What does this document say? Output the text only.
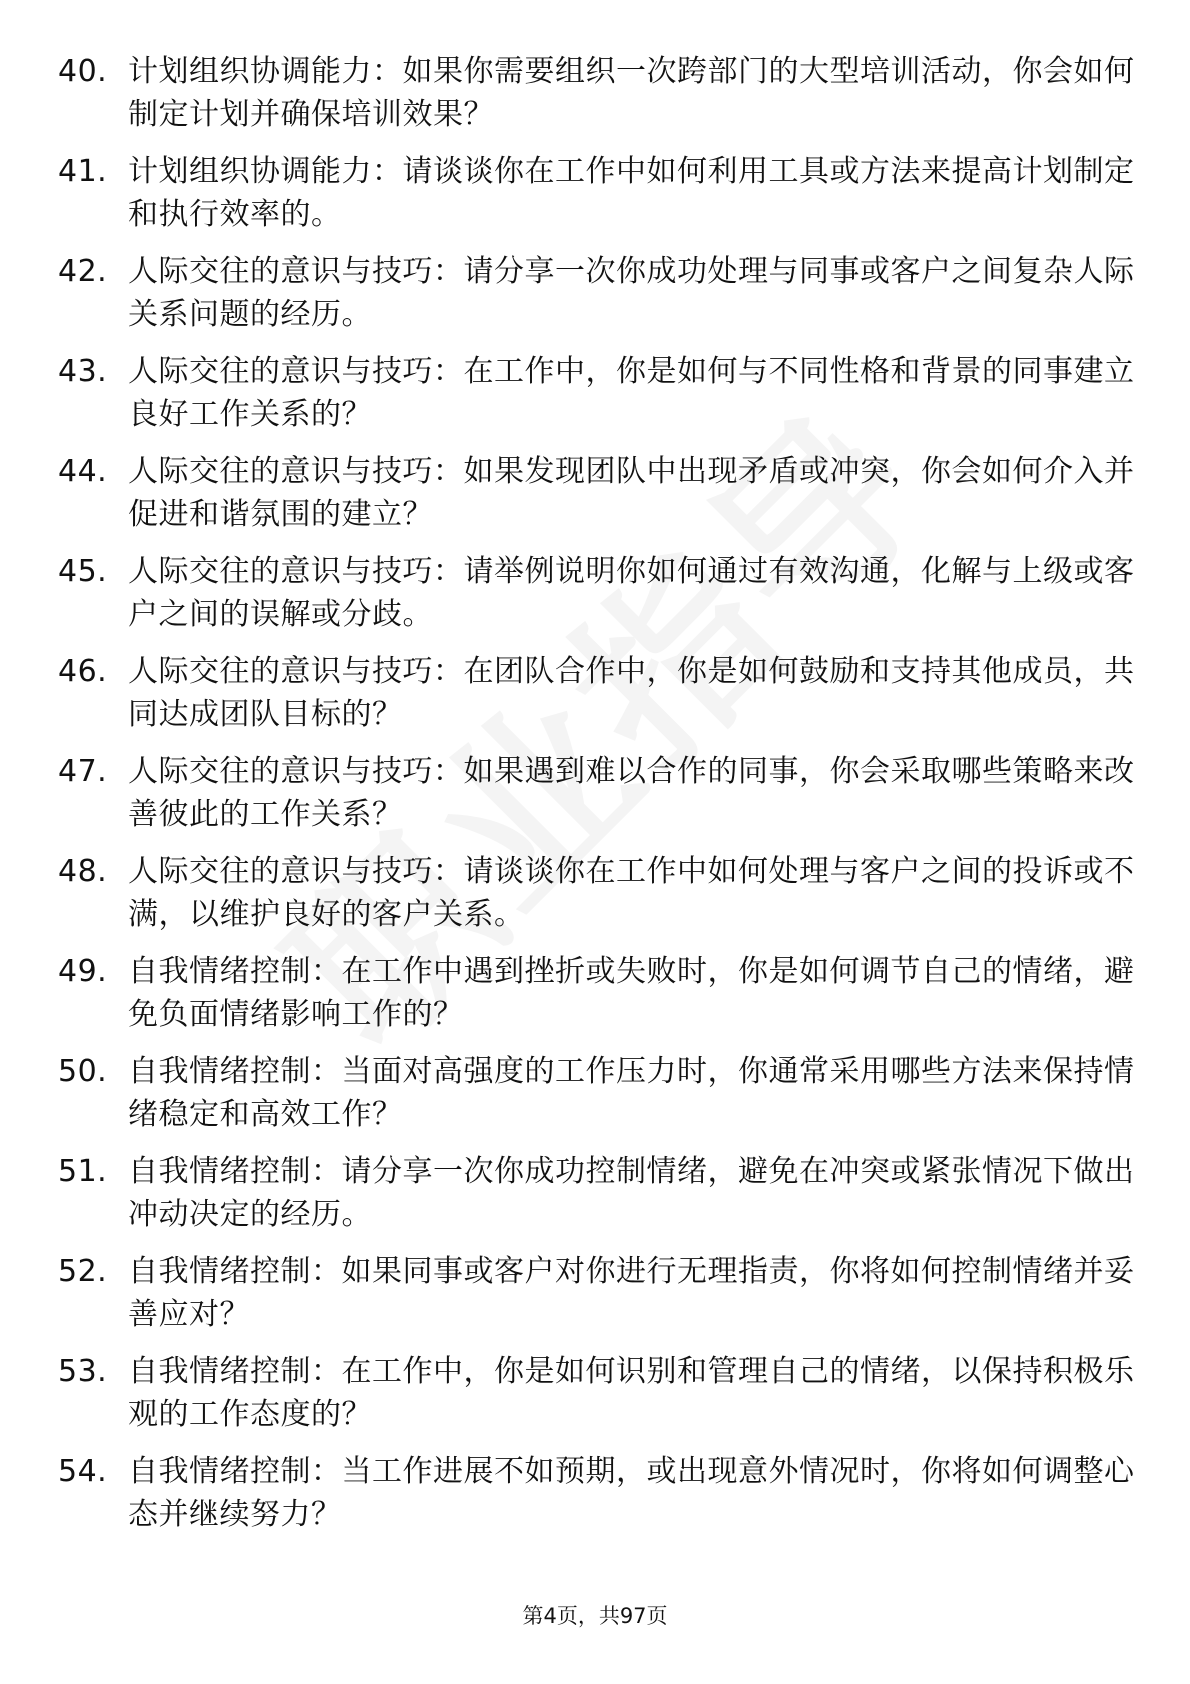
40. 计划组织协调能力：如果你需要组织一次跨部门的大型培训活动，你会如何制定计划并确保培训效果？
41. 计划组织协调能力：请谈谈你在工作中如何利用工具或方法来提高计划制定和执行效率的。
42. 人际交往的意识与技巧：请分享一次你成功处理与同事或客户之间复杂人际关系问题的经历。
43. 人际交往的意识与技巧：在工作中，你是如何与不同性格和背景的同事建立良好工作关系的？
44. 人际交往的意识与技巧：如果发现团队中出现矛盾或冲突，你会如何介入并促进和谐氛围的建立？
45. 人际交往的意识与技巧：请举例说明你如何通过有效沟通，化解与上级或客户之间的误解或分歧。
46. 人际交往的意识与技巧：在团队合作中，你是如何鼓励和支持其他成员，共同达成团队目标的？
47. 人际交往的意识与技巧：如果遇到难以合作的同事，你会采取哪些策略来改善彼此的工作关系？
48. 人际交往的意识与技巧：请谈谈你在工作中如何处理与客户之间的投诉或不满，以维护良好的客户关系。
49. 自我情绪控制：在工作中遇到挫折或失败时，你是如何调节自己的情绪，避免负面情绪影响工作的？
50. 自我情绪控制：当面对高强度的工作压力时，你通常采用哪些方法来保持情绪稳定和高效工作？
51. 自我情绪控制：请分享一次你成功控制情绪，避免在冲突或紧张情况下做出冲动决定的经历。
52. 自我情绪控制：如果同事或客户对你进行无理指责，你将如何控制情绪并妥善应对？
53. 自我情绪控制：在工作中，你是如何识别和管理自己的情绪，以保持积极乐观的工作态度的？
54. 自我情绪控制：当工作进展不如预期，或出现意外情况时，你将如何调整心态并继续努力？
第4页，共97页
